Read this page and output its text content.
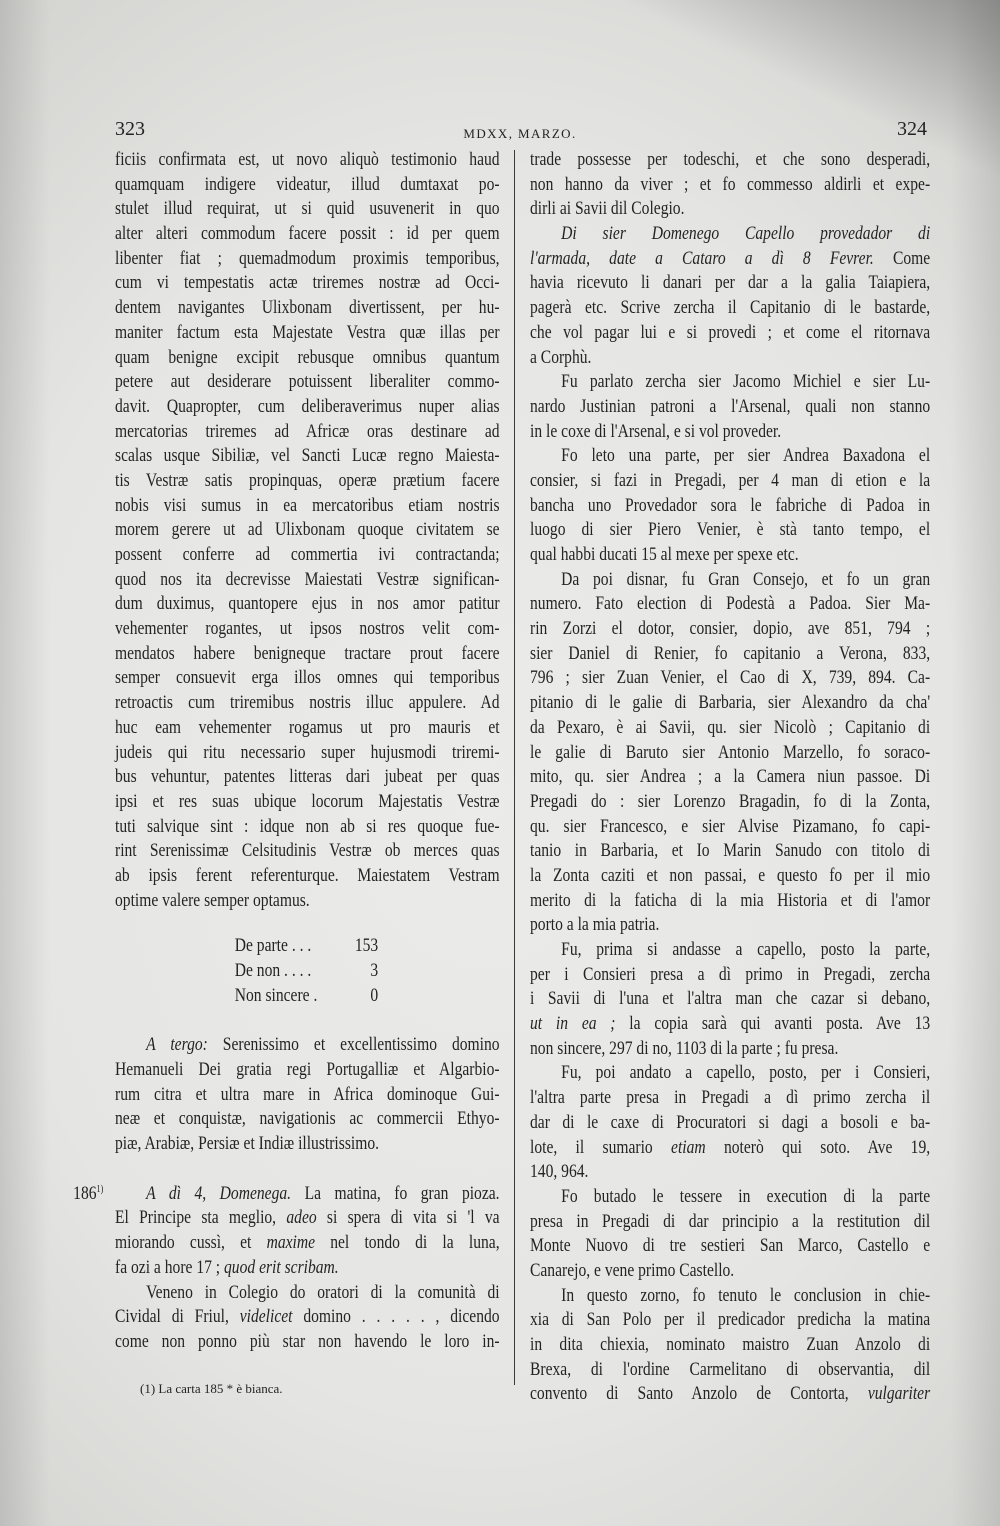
323	MDXX, MARZO.	324
ficiis confirmata est, ut novo aliquò testimonio haud
quamquam indigere videatur, illud dumtaxat po-
stulet illud requirat, ut si quid usuvenerit in quo
alter alteri commodum facere possit : id per quem
libenter fiat ; quemadmodum proximis temporibus,
cum vi tempestatis actæ triremes nostræ ad Occi-
dentem navigantes Ulixbonam divertissent, per hu-
maniter factum esta Majestate Vestra quæ illas per
quam benigne excipit rebusque omnibus quantum
petere aut desiderare potuissent liberaliter commo-
davit. Quapropter, cum deliberaverimus nuper alias
mercatorias triremes ad Africæ oras destinare ad
scalas usque Sibiliæ, vel Sancti Lucæ regno Maiesta-
tis Vestræ satis propinquas, operæ prætium facere
nobis visi sumus in ea mercatoribus etiam nostris
morem gerere ut ad Ulixbonam quoque civitatem se
possent conferre ad commertia ivi contractanda;
quod nos ita decrevisse Maiestati Vestræ significan-
dum duximus, quantopere ejus in nos amor patitur
vehementer rogantes, ut ipsos nostros velit com-
mendatos habere benigneque tractare prout facere
semper consuevit erga illos omnes qui temporibus
retroactis cum triremibus nostris illuc appulere. Ad
huc eam vehementer rogamus ut pro mauris et
judeis qui ritu necessario super hujusmodi triremi-
bus vehuntur, patentes litteras dari jubeat per quas
ipsi et res suas ubique locorum Majestatis Vestræ
tuti salvique sint : idque non ab si res quoque fue-
rint Serenissimæ Celsitudinis Vestræ ob merces quas
ab ipsis ferent referenturque. Maiestatem Vestram
optime valere semper optamus.
De parte . . . 153
De non . . . .	3
Non sincere .	0
A tergo: Serenissimo et excellentissimo domino
Hemanueli Dei gratia regi Portugalliæ et Algarbio-
rum citra et ultra mare in Africa dominoque Gui-
neæ et conquistæ, navigationis ac commercii Ethyo-
piæ, Arabiæ, Persiæ et Indiæ illustrissimo.
186$^{1)}$ A dì 4, Domenega. La matina, fo gran pioza.
El Principe sta meglio, adeo si spera di vita si 'l va
miorando cussì, et maxime nel tondo di la luna,
fa ozi a hore 17 ; quod erit scribam.
Veneno in Colegio do oratori di la comunità di
Cividal di Friul, videlicet domino . . . . . , dicendo
come non ponno più star non havendo le loro in-
trade possesse per todeschi, et che sono desperadi,
non hanno da viver ; et fo commesso aldirli et expe-
dirli ai Savii dil Colegio.
Di sier Domenego Capello provedador di
l'armada, date a Cataro a dì 8 Fevrer. Come
havia ricevuto li danari per dar a la galia Taiapiera,
pagerà etc. Scrive zercha il Capitanio di le bastarde,
che vol pagar lui e si provedi ; et come el ritornava
a Corphù.
Fu parlato zercha sier Jacomo Michiel e sier Lu-
nardo Justinian patroni a l'Arsenal, quali non stanno
in le coxe di l'Arsenal, e si vol proveder.
Fo leto una parte, per sier Andrea Baxadona el
consier, si fazi in Pregadi, per 4 man di etion e la
bancha uno Provedador sora le fabriche di Padoa in
luogo di sier Piero Venier, è stà tanto tempo, el
qual habbi ducati 15 al mexe per spexe etc.
Da poi disnar, fu Gran Consejo, et fo un gran
numero. Fato election di Podestà a Padoa. Sier Ma-
rin Zorzi el dotor, consier, dopio, ave 851, 794 ;
sier Daniel di Renier, fo capitanio a Verona, 833,
796 ; sier Zuan Venier, el Cao di X, 739, 894. Ca-
pitanio di le galie di Barbaria, sier Alexandro da cha'
da Pexaro, è ai Savii, qu. sier Nicolò ; Capitanio di
le galie di Baruto sier Antonio Marzello, fo soraco-
mito, qu. sier Andrea ; a la Camera niun passoe. Di
Pregadi do : sier Lorenzo Bragadin, fo di la Zonta,
qu. sier Francesco, e sier Alvise Pizamano, fo capi-
tanio in Barbaria, et Io Marin Sanudo con titolo di
la Zonta caziti et non passai, e questo fo per il mio
merito di la faticha di la mia Historia et di l'amor
porto a la mia patria.
Fu, prima si andasse a capello, posto la parte,
per i Consieri presa a dì primo in Pregadi, zercha
i Savii di l'una et l'altra man che cazar si debano,
ut in ea ; la copia sarà qui avanti posta. Ave 13
non sincere, 297 di no, 1103 di la parte ; fu presa.
Fu, poi andato a capello, posto, per i Consieri,
l'altra parte presa in Pregadi a dì primo zercha il
dar di le caxe di Procuratori si dagi a bosoli e ba-
lote, il sumario etiam noterò qui soto. Ave 19,
140, 964.
Fo butado le tessere in execution di la parte
presa in Pregadi di dar principio a la restitution dil
Monte Nuovo di tre sestieri San Marco, Castello e
Canarejo, e vene primo Castello.
In questo zorno, fo tenuto le conclusion in chie-
xia di San Polo per il predicador predicha la matina
in dita chiexia, nominato maistro Zuan Anzolo di
Brexa, di l'ordine Carmelitano di observantia, dil
convento di Santo Anzolo de Contorta, vulgariter
(1) La carta 185 * è bianca.
